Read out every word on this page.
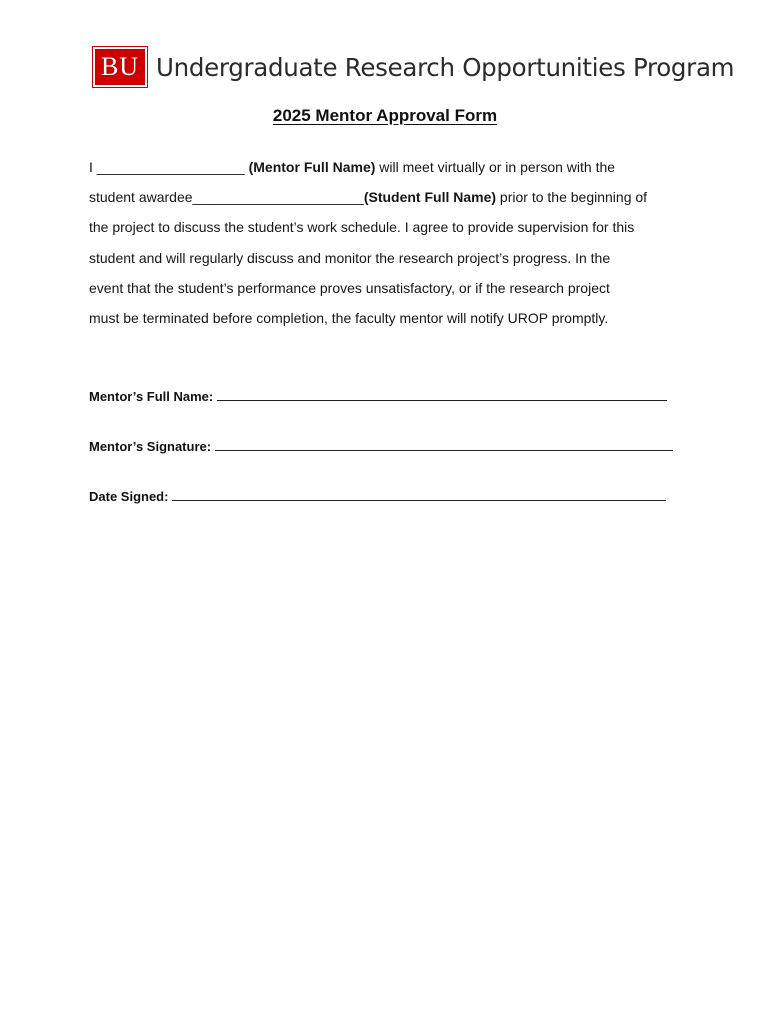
BU Undergraduate Research Opportunities Program
2025 Mentor Approval Form
I ___________________ (Mentor Full Name) will meet virtually or in person with the
student awardee______________________(Student Full Name) prior to the beginning of
the project to discuss the student’s work schedule. I agree to provide supervision for this
student and will regularly discuss and monitor the research project’s progress. In the
event that the student’s performance proves unsatisfactory, or if the research project
must be terminated before completion, the faculty mentor will notify UROP promptly.
Mentor’s Full Name:
Mentor’s Signature:
Date Signed:
